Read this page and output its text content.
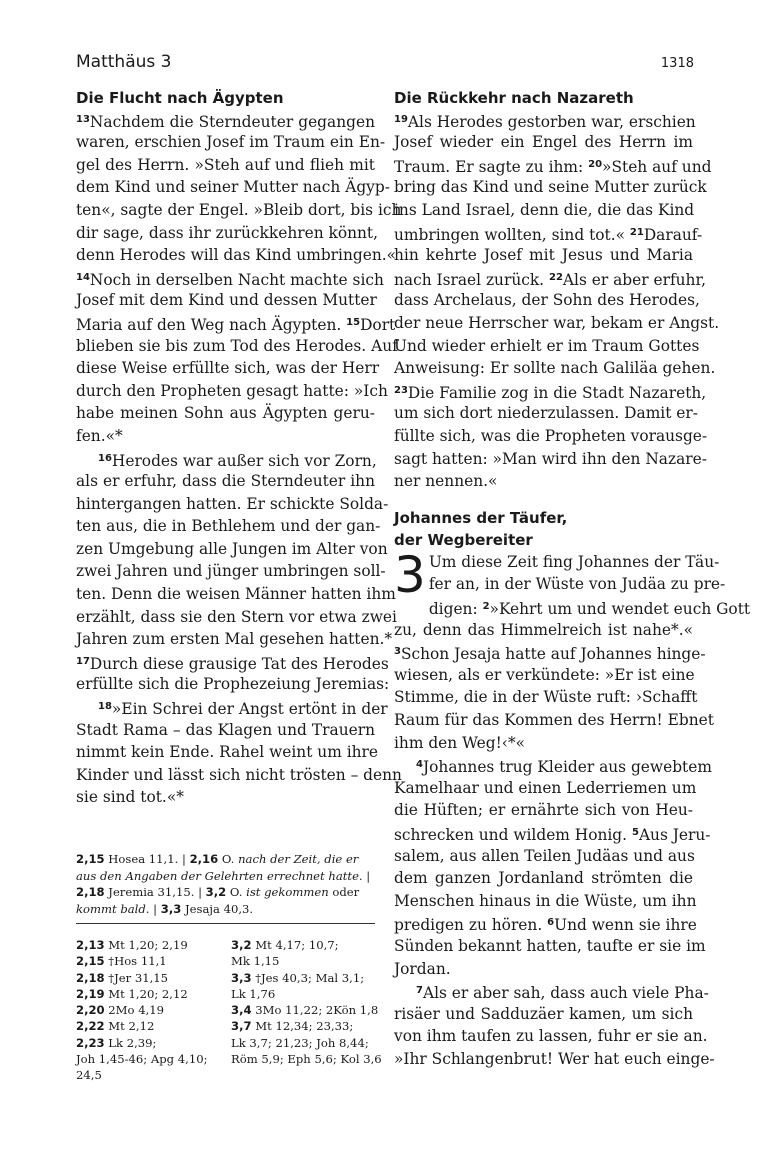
Matthäus 3	1318
Die Flucht nach Ägypten
$^{13}$Nachdem die Sterndeuter gegangen
waren, erschien Josef im Traum ein En-
gel des Herrn. »Steh auf und flieh mit
dem Kind und seiner Mutter nach Ägyp-
ten«, sagte der Engel. »Bleib dort, bis ich
dir sage, dass ihr zurückkehren könnt,
denn Herodes will das Kind umbringen.«
$^{14}$Noch in derselben Nacht machte sich
Josef mit dem Kind und dessen Mutter
Maria auf den Weg nach Ägypten. $^{15}$Dort
blieben sie bis zum Tod des Herodes. Auf
diese Weise erfüllte sich, was der Herr
durch den Propheten gesagt hatte: »Ich
habe meinen Sohn aus Ägypten geru-
fen.«*
$^{16}$Herodes war außer sich vor Zorn,
als er erfuhr, dass die Sterndeuter ihn
hintergangen hatten. Er schickte Solda-
ten aus, die in Bethlehem und der gan-
zen Umgebung alle Jungen im Alter von
zwei Jahren und jünger umbringen soll-
ten. Denn die weisen Männer hatten ihm
erzählt, dass sie den Stern vor etwa zwei
Jahren zum ersten Mal gesehen hatten.*
$^{17}$Durch diese grausige Tat des Herodes
erfüllte sich die Prophezeiung Jeremias:
$^{18}$»Ein Schrei der Angst ertönt in der
Stadt Rama – das Klagen und Trauern
nimmt kein Ende. Rahel weint um ihre
Kinder und lässt sich nicht trösten – denn
sie sind tot.«*
2,15 Hosea 11,1. | 2,16 O. nach der Zeit, die er aus den Angaben der Gelehrten errechnet hatte. | 2,18 Jeremia 31,15. | 3,2 O. ist gekommen oder kommt bald. | 3,3 Jesaja 40,3.
2,13 Mt 1,20; 2,19
2,15 †Hos 11,1
2,18 †Jer 31,15
2,19 Mt 1,20; 2,12
2,20 2Mo 4,19
2,22 Mt 2,12
2,23 Lk 2,39;
Joh 1,45-46; Apg 4,10;
24,5
3,2 Mt 4,17; 10,7;
Mk 1,15
3,3 †Jes 40,3; Mal 3,1;
Lk 1,76
3,4 3Mo 11,22; 2Kön 1,8
3,7 Mt 12,34; 23,33;
Lk 3,7; 21,23; Joh 8,44;
Röm 5,9; Eph 5,6; Kol 3,6
Die Rückkehr nach Nazareth
$^{19}$Als Herodes gestorben war, erschien
Josef wieder ein Engel des Herrn im
Traum. Er sagte zu ihm: $^{20}$»Steh auf und
bring das Kind und seine Mutter zurück
ins Land Israel, denn die, die das Kind
umbringen wollten, sind tot.« $^{21}$Darauf-
hin kehrte Josef mit Jesus und Maria
nach Israel zurück. $^{22}$Als er aber erfuhr,
dass Archelaus, der Sohn des Herodes,
der neue Herrscher war, bekam er Angst.
Und wieder erhielt er im Traum Gottes
Anweisung: Er sollte nach Galiläa gehen.
$^{23}$Die Familie zog in die Stadt Nazareth,
um sich dort niederzulassen. Damit er-
füllte sich, was die Propheten vorausge-
sagt hatten: »Man wird ihn den Nazare-
ner nennen.«
Johannes der Täufer,
der Wegbereiter
3 Um diese Zeit fing Johannes der Täu-
fer an, in der Wüste von Judäa zu pre-
digen: $^2$»Kehrt um und wendet euch Gott
zu, denn das Himmelreich ist nahe*.«
$^3$Schon Jesaja hatte auf Johannes hinge-
wiesen, als er verkündete: »Er ist eine
Stimme, die in der Wüste ruft: ›Schafft
Raum für das Kommen des Herrn! Ebnet
ihm den Weg!‹*«
$^4$Johannes trug Kleider aus gewebtem
Kamelhaar und einen Lederriemen um
die Hüften; er ernährte sich von Heu-
schrecken und wildem Honig. $^5$Aus Jeru-
salem, aus allen Teilen Judäas und aus
dem ganzen Jordanland strömten die
Menschen hinaus in die Wüste, um ihn
predigen zu hören. $^6$Und wenn sie ihre
Sünden bekannt hatten, taufte er sie im
Jordan.
$^7$Als er aber sah, dass auch viele Pha-
risäer und Sadduzäer kamen, um sich
von ihm taufen zu lassen, fuhr er sie an.
»Ihr Schlangenbrut! Wer hat euch einge-
